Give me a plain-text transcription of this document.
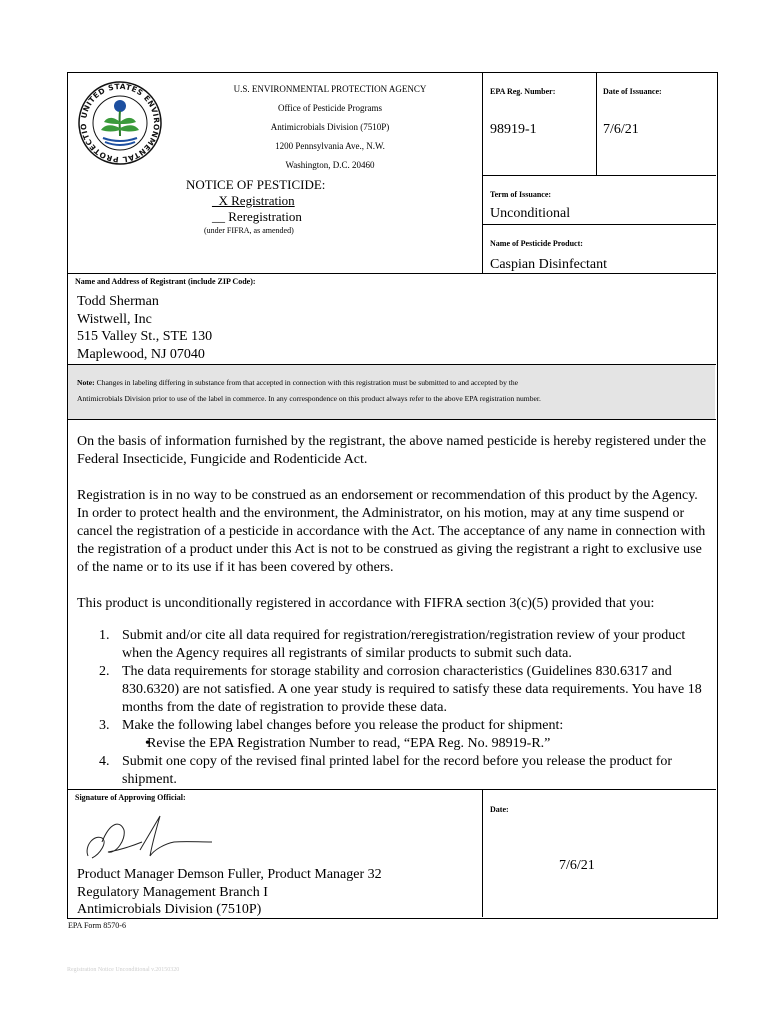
UNITED STATES ENVIRONMENTAL PROTECTIO
U.S. ENVIRONMENTAL PROTECTION AGENCY
Office of Pesticide Programs
Antimicrobials Division (7510P)
1200 Pennsylvania Ave., N.W.
Washington, D.C. 20460
NOTICE OF PESTICIDE:
_X Registration
__ Reregistration
(under FIFRA, as amended)
EPA Reg. Number:
98919-1
Date of Issuance:
7/6/21
Term of Issuance:
Unconditional
Name of Pesticide Product:
Caspian Disinfectant
Name and Address of Registrant (include ZIP Code):
Todd Sherman
Wistwell, Inc
515 Valley St., STE 130
Maplewood, NJ 07040
Note: Changes in labeling differing in substance from that accepted in connection with this registration must be submitted to and accepted by the
Antimicrobials Division prior to use of the label in commerce. In any correspondence on this product always refer to the above EPA registration number.

On the basis of information furnished by the registrant, the above named pesticide is hereby registered under the Federal Insecticide, Fungicide and Rodenticide Act.

Registration is in no way to be construed as an endorsement or recommendation of this product by the Agency. In order to protect health and the environment, the Administrator, on his motion, may at any time suspend or cancel the registration of a pesticide in accordance with the Act. The acceptance of any name in connection with the registration of a product under this Act is not to be construed as giving the registrant a right to exclusive use of the name or to its use if it has been covered by others.

This product is unconditionally registered in accordance with FIFRA section 3(c)(5) provided that you:

1. Submit and/or cite all data required for registration/reregistration/registration review of your product when the Agency requires all registrants of similar products to submit such data.
2. The data requirements for storage stability and corrosion characteristics (Guidelines 830.6317 and 830.6320) are not satisfied. A one year study is required to satisfy these data requirements. You have 18 months from the date of registration to provide these data.
3. Make the following label changes before you release the product for shipment:
• Revise the EPA Registration Number to read, “EPA Reg. No. 98919-R.”
4. Submit one copy of the revised final printed label for the record before you release the product for shipment.
Signature of Approving Official:
Product Manager Demson Fuller, Product Manager 32
Regulatory Management Branch I
Antimicrobials Division (7510P)
Date:
7/6/21
EPA Form 8570-6
Registration Notice Unconditional v.20150320
